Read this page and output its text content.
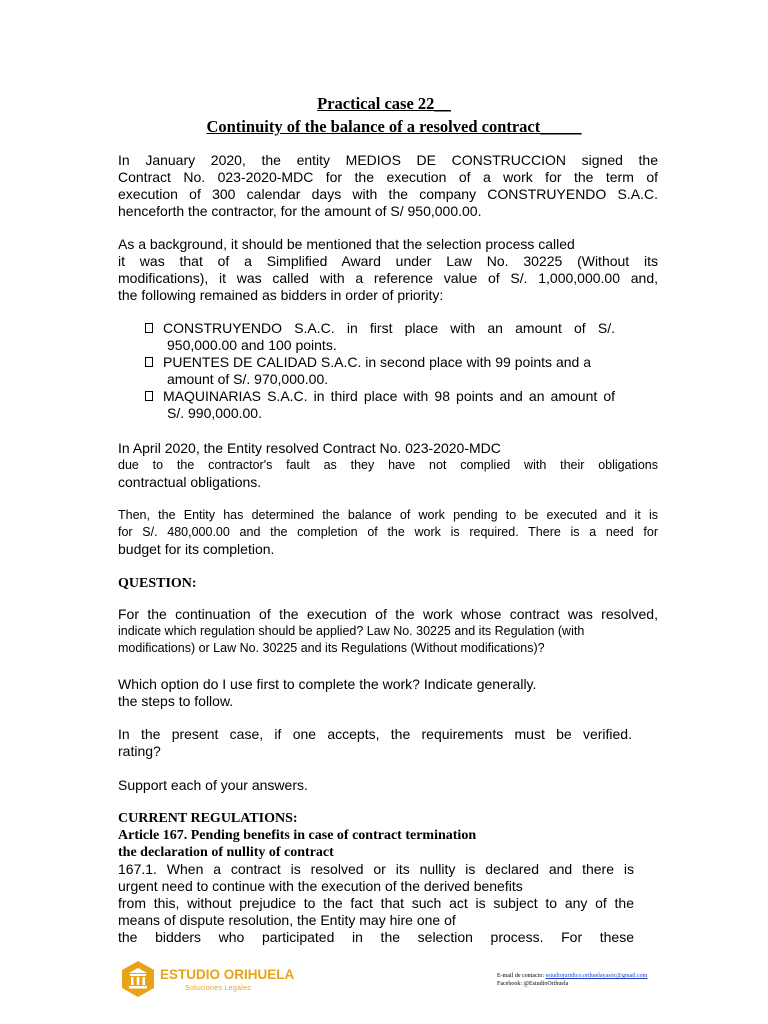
Practical case 22__
Continuity of the balance of a resolved contract_____
In January 2020, the entity MEDIOS DE CONSTRUCCION signed the
Contract No. 023-2020-MDC for the execution of a work for the term of
execution of 300 calendar days with the company CONSTRUYENDO S.A.C.
henceforth the contractor, for the amount of S/ 950,000.00.
As a background, it should be mentioned that the selection process called
it was that of a Simplified Award under Law No. 30225 (Without its
modifications), it was called with a reference value of S/. 1,000,000.00 and,
the following remained as bidders in order of priority:
CONSTRUYENDO S.A.C. in first place with an amount of S/.
950,000.00 and 100 points.
PUENTES DE CALIDAD S.A.C. in second place with 99 points and a
amount of S/. 970,000.00.
MAQUINARIAS S.A.C. in third place with 98 points and an amount of
S/. 990,000.00.
In April 2020, the Entity resolved Contract No. 023-2020-MDC
due to the contractor's fault as they have not complied with their obligations
contractual obligations.
Then, the Entity has determined the balance of work pending to be executed and it is
for S/. 480,000.00 and the completion of the work is required. There is a need for
budget for its completion.
QUESTION:
For the continuation of the execution of the work whose contract was resolved,
indicate which regulation should be applied? Law No. 30225 and its Regulation (with
modifications) or Law No. 30225 and its Regulations (Without modifications)?
Which option do I use first to complete the work? Indicate generally.
the steps to follow.
In the present case, if one accepts, the requirements must be verified.
rating?
Support each of your answers.
CURRENT REGULATIONS:
Article 167. Pending benefits in case of contract termination
the declaration of nullity of contract
167.1. When a contract is resolved or its nullity is declared and there is
urgent need to continue with the execution of the derived benefits
from this, without prejudice to the fact that such act is subject to any of the
means of dispute resolution, the Entity may hire one of
the bidders who participated in the selection process. For these
ESTUDIO ORIHUELA
Soluciones Legales
E-mail de contacto: estudiojuridico.orihuelayasoc@gmail.com
Facebook: @EstudioOrihuela
